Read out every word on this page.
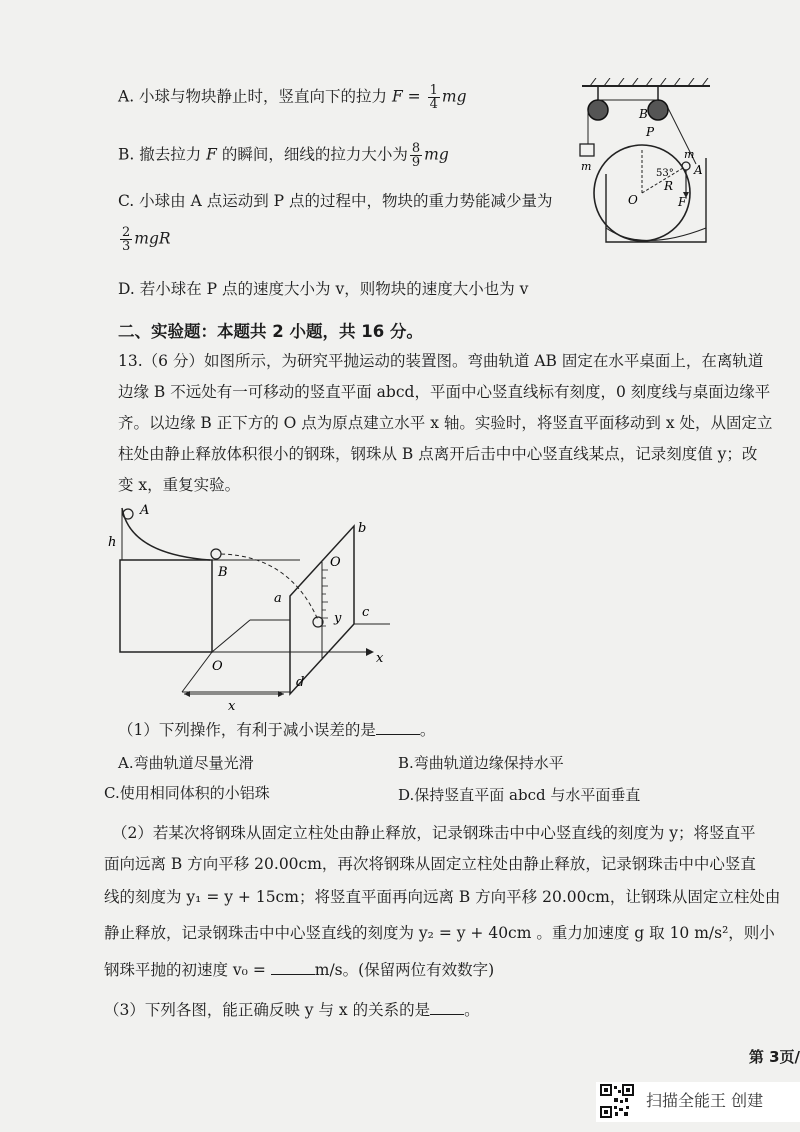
A. 小球与物块静止时，竖直向下的拉力 $F = \frac{1}{4}$ mg
B. 撤去拉力 F 的瞬间，细线的拉力大小为 $\frac{8}{9}$ mg
C. 小球由 A 点运动到 P 点的过程中，物块的重力势能减少量为
$\frac{2}{3}$ mgR
D. 若小球在 P 点的速度大小为 v，则物块的速度大小也为 v
m
B
P
m
53° A
R
O	F
二、实验题：本题共 2 小题，共 16 分。
13.（6 分）如图所示，为研究平抛运动的装置图。弯曲轨道 AB 固定在水平桌面上，在离轨道
边缘 B 不远处有一可移动的竖直平面 abcd，平面中心竖直线标有刻度，0 刻度线与桌面边缘平
齐。以边缘 B 正下方的 O 点为原点建立水平 x 轴。实验时，将竖直平面移动到 x 处，从固定立
柱处由静止释放体积很小的钢珠，钢珠从 B 点离开后击中中心竖直线某点，记录刻度值 y；改
变 x，重复实验。
A
h
B
a
b
O
y c
x
O
d
x
（1）下列操作，有利于减小误差的是	。
A.弯曲轨道尽量光滑	B.弯曲轨道边缘保持水平
C.使用相同体积的小铝珠	D.保持竖直平面 abcd 与水平面垂直
（2）若某次将钢珠从固定立柱处由静止释放，记录钢珠击中中心竖直线的刻度为 y；将竖直平
面向远离 B 方向平移 20.00cm，再次将钢珠从固定立柱处由静止释放，记录钢珠击中中心竖直
线的刻度为 y₁ = y + 15cm；将竖直平面再向远离 B 方向平移 20.00cm，让钢珠从固定立柱处由
静止释放，记录钢珠击中中心竖直线的刻度为 y₂ = y + 40cm 。重力加速度 g 取 10 m/s²，则小
钢珠平抛的初速度 v₀ =	m/s。(保留两位有效数字)
（3）下列各图，能正确反映 y 与 x 的关系的是 。
第 3页/
扫描全能王 创建
